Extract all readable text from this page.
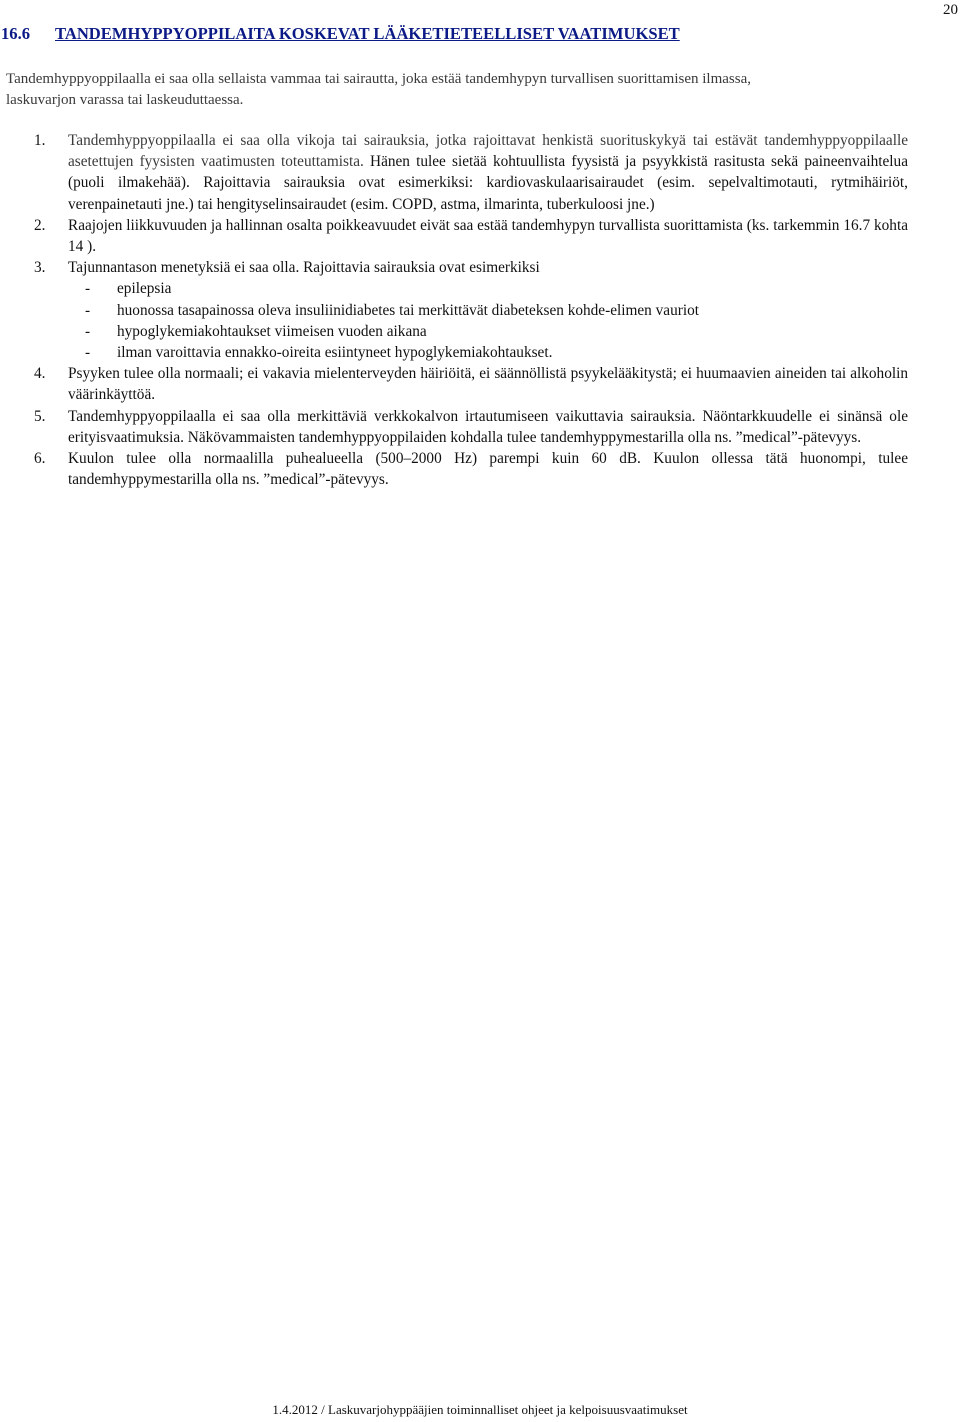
20
16.6 TANDEMHYPPYOPPILAITA KOSKEVAT LÄÄKETIETEELLISET VAATIMUKSET
Tandemhyppyoppilaalla ei saa olla sellaista vammaa tai sairautta, joka estää tandemhypyn turvallisen suorittamisen ilmassa, laskuvarjon varassa tai laskeuduttaessa.
1. Tandemhyppyoppilaalla ei saa olla vikoja tai sairauksia, jotka rajoittavat henkistä suorituskykyä tai estävät tandemhyppyoppilaalle asetettujen fyysisten vaatimusten toteuttamista. Hänen tulee sietää kohtuullista fyysistä ja psyykkistä rasitusta sekä paineenvaihtelua (puoli ilmakehää). Rajoittavia sairauksia ovat esimerkiksi: kardiovaskulaarisairaudet (esim. sepelvaltimotauti, rytmihäiriöt, verenpainetauti jne.) tai hengityselinsairaudet (esim. COPD, astma, ilmarinta, tuberkuloosi jne.)
2. Raajojen liikkuvuuden ja hallinnan osalta poikkeavuudet eivät saa estää tandemhypyn turvallista suorittamista (ks. tarkemmin 16.7 kohta 14 ).
3. Tajunnantason menetyksiä ei saa olla. Rajoittavia sairauksia ovat esimerkiksi
- epilepsia
- huonossa tasapainossa oleva insuliinidiabetes tai merkittävät diabeteksen kohde-elimen vauriot
- hypoglykemiakohtaukset viimeisen vuoden aikana
- ilman varoittavia ennakko-oireita esiintyneet hypoglykemiakohtaukset.
4. Psyyken tulee olla normaali; ei vakavia mielenterveyden häiriöitä, ei säännöllistä psyykelääkitystä; ei huumaavien aineiden tai alkoholin väärinkäyttöä.
5. Tandemhyppyoppilaalla ei saa olla merkittäviä verkkokalvon irtautumiseen vaikuttavia sairauksia. Näöntarkkuudelle ei sinänsä ole erityisvaatimuksia. Näkövammaisten tandemhyppyoppilaiden kohdalla tulee tandemhyppymestarilla olla ns. ”medical”-pätevyys.
6. Kuulon tulee olla normaalilla puhealueella (500–2000 Hz) parempi kuin 60 dB. Kuulon ollessa tätä huonompi, tulee tandemhyppymestarilla olla ns. ”medical”-pätevyys.
1.4.2012 / Laskuvarjohyppääjien toiminnalliset ohjeet ja kelpoisuusvaatimukset
